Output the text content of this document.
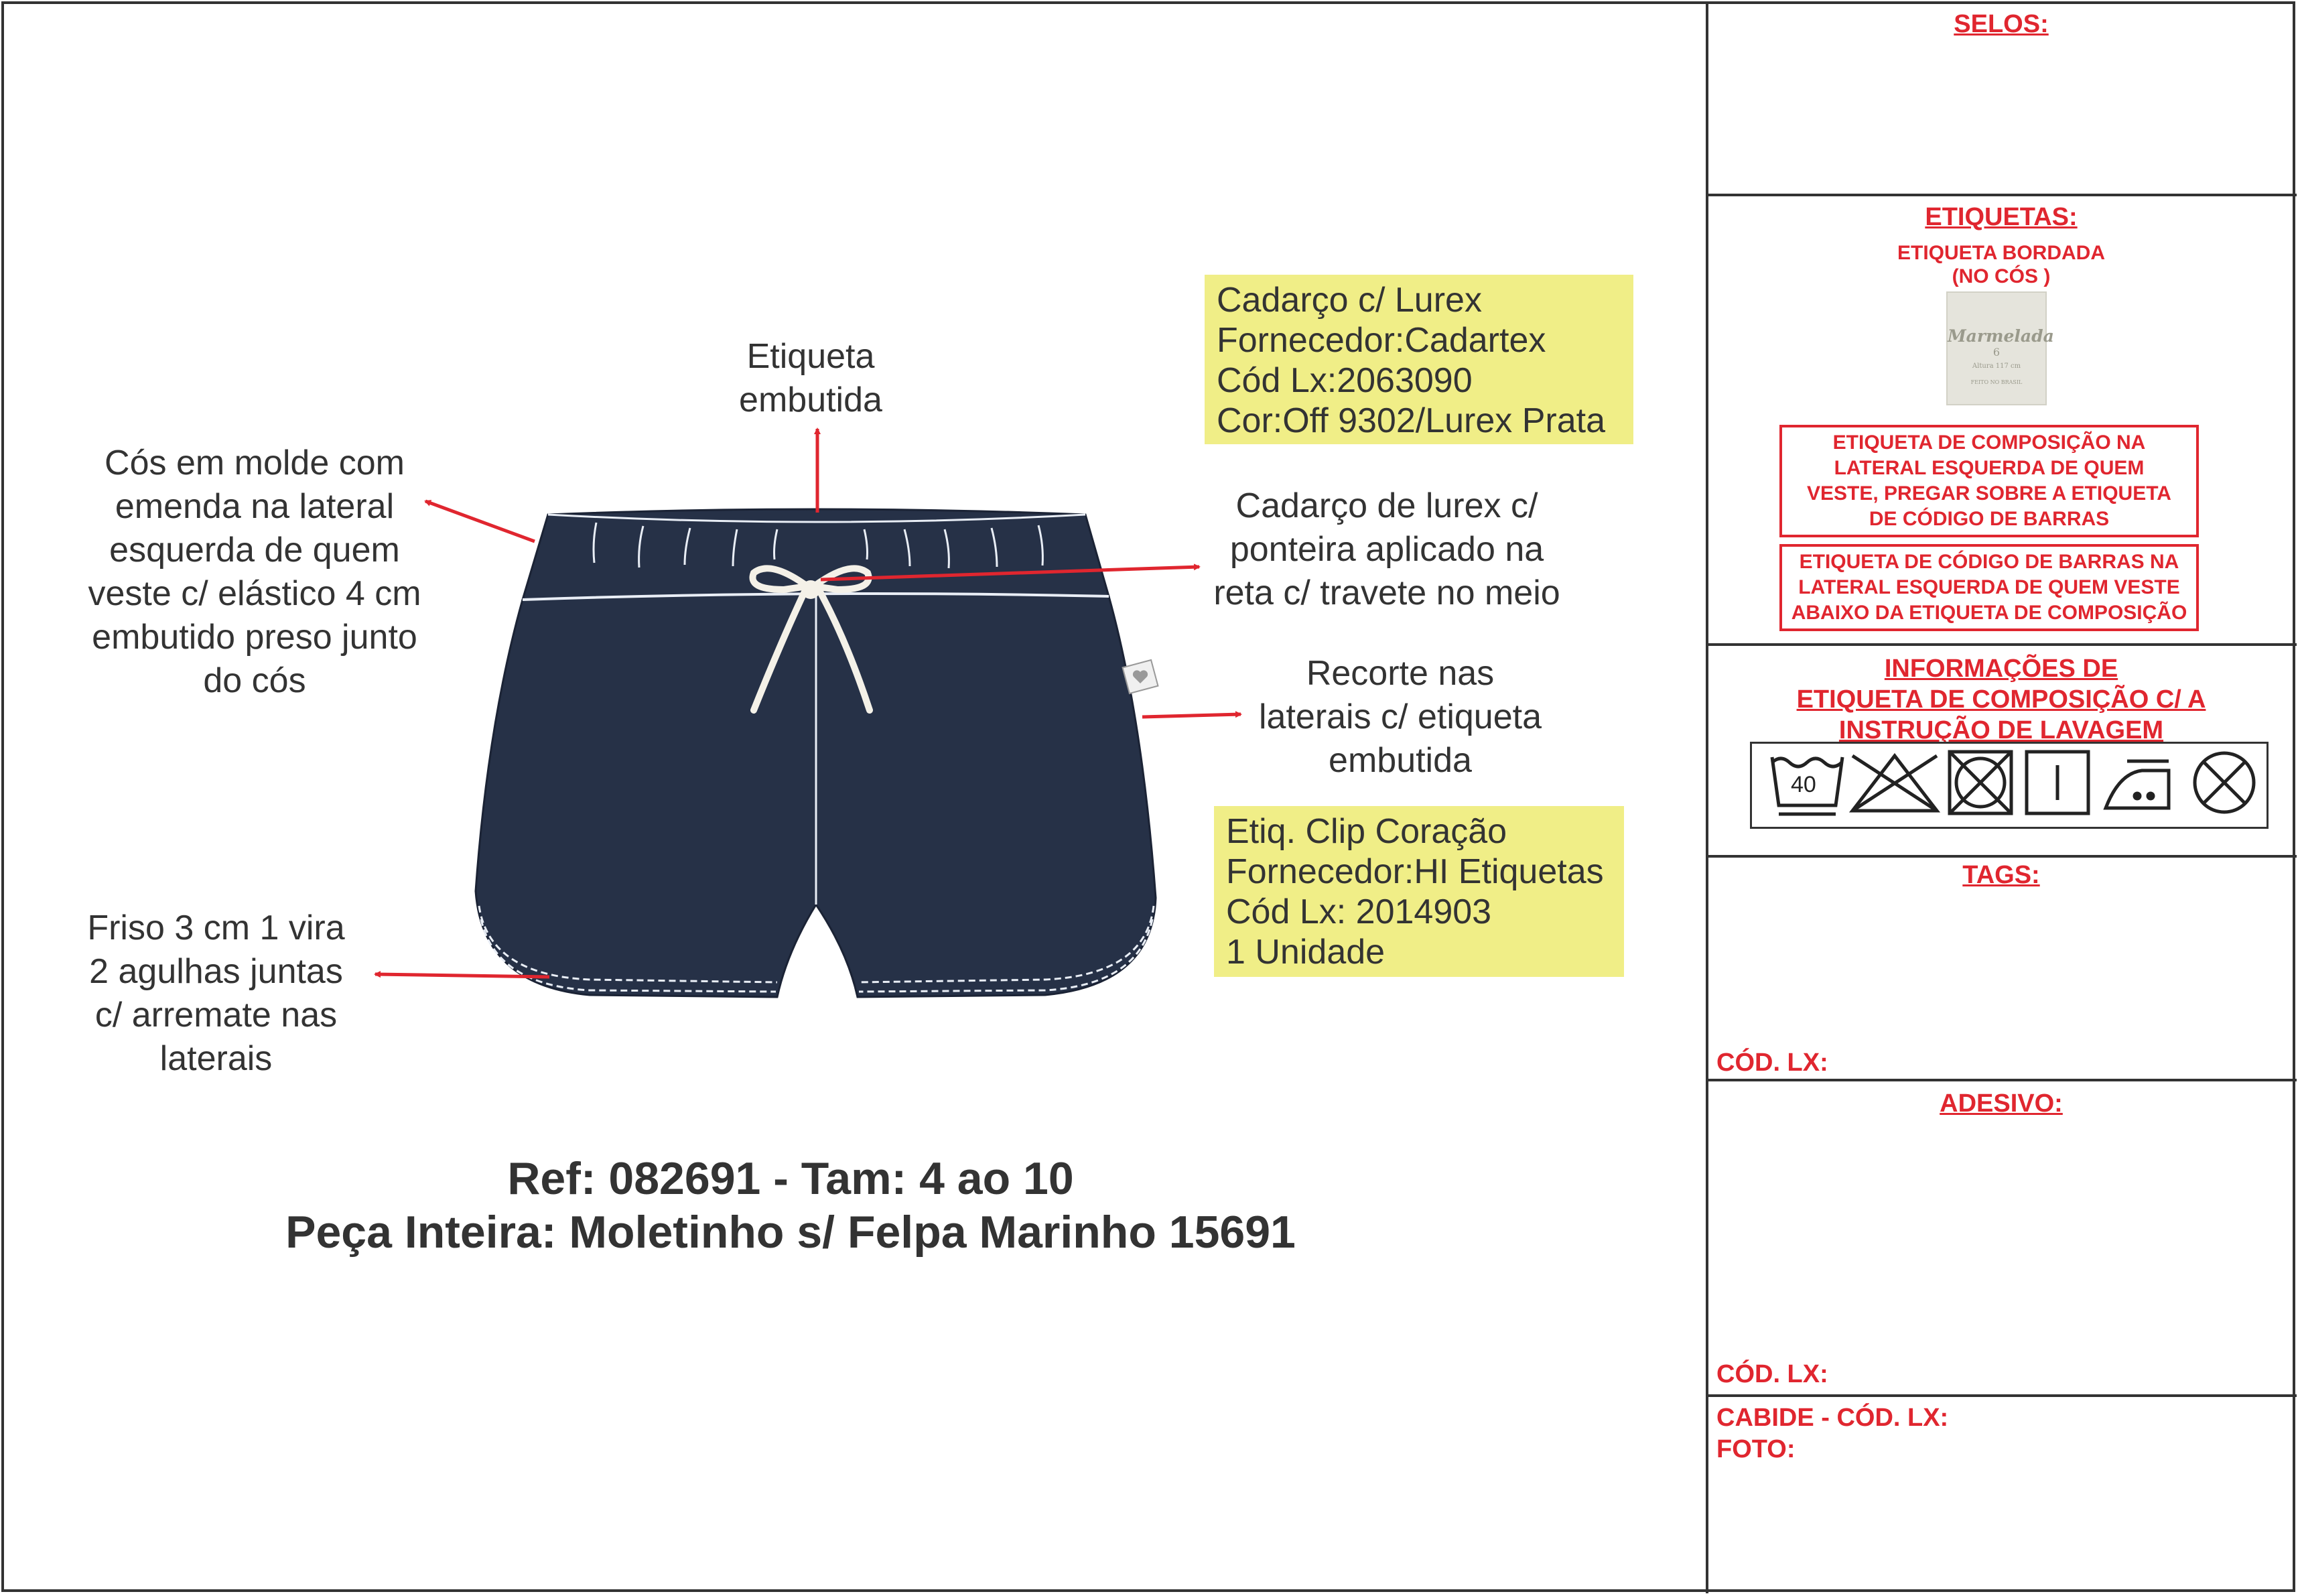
Etiqueta
embutida
Cós em molde com
emenda na lateral
esquerda de quem
veste c/ elástico 4 cm
embutido preso junto
do cós
Cadarço de lurex c/
ponteira aplicado na
reta c/ travete no meio
Recorte nas
laterais c/ etiqueta
embutida
Friso 3 cm 1 vira
2 agulhas juntas
c/ arremate nas
laterais
Cadarço c/ Lurex
Fornecedor:Cadartex
Cód Lx:2063090
Cor:Off 9302/Lurex Prata
Etiq. Clip Coração
Fornecedor:HI Etiquetas
Cód Lx: 2014903
1 Unidade
Ref: 082691 - Tam: 4 ao 10
Peça Inteira: Moletinho s/ Felpa Marinho 15691
SELOS:
ETIQUETAS:
ETIQUETA BORDADA
(NO CÓS )
Marmelada
6
Altura 117 cm
FEITO NO BRASIL
ETIQUETA DE COMPOSIÇÃO NA
LATERAL ESQUERDA DE QUEM
VESTE, PREGAR SOBRE A ETIQUETA
DE CÓDIGO DE BARRAS
ETIQUETA DE CÓDIGO DE BARRAS NA
LATERAL ESQUERDA DE QUEM VESTE
ABAIXO DA ETIQUETA DE COMPOSIÇÃO
INFORMAÇÕES DE
ETIQUETA DE COMPOSIÇÃO C/ A
INSTRUÇÃO DE LAVAGEM
40
TAGS:
CÓD. LX:
ADESIVO:
CÓD. LX:
CABIDE - CÓD. LX:
FOTO:
